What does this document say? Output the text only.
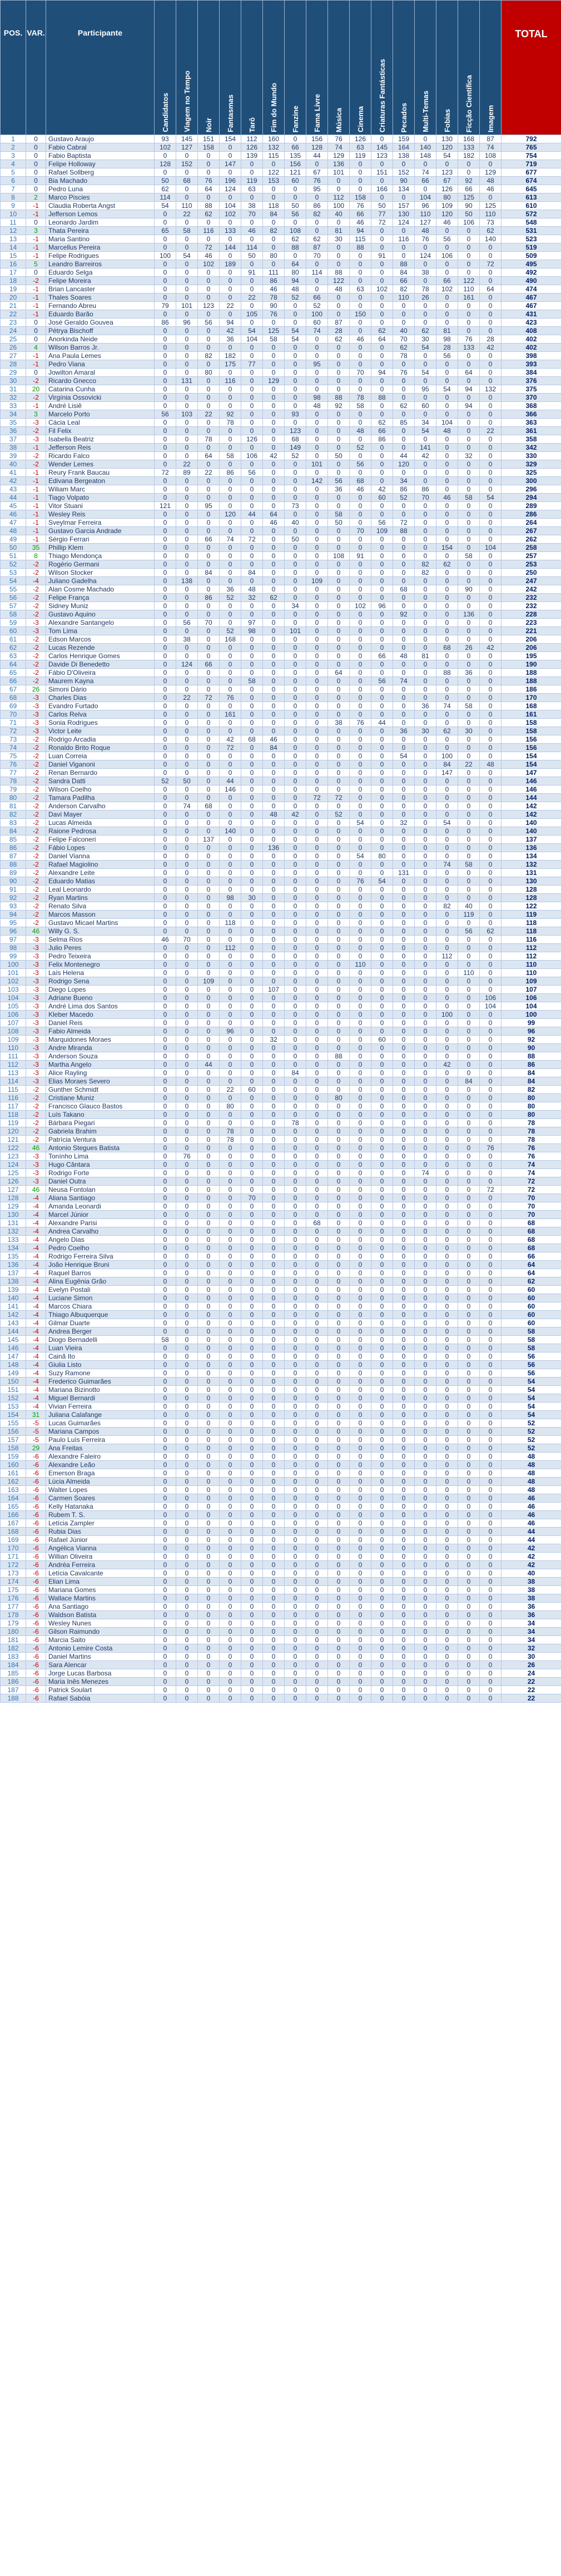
POS.	VAR.	Participante	Candidatos	Viagem no Tempo	Noir	Fantasmas	Tarô	Fim do Mundo	Fanzine	Fama Livre	Música	Cinema	Criaturas Fantásticas	Pecados	Multi-Temas	Fobias	Ficção Científica	Imagem	TOTAL
1	0	Gustavo Araujo	93	145	151	154	112	160	0	156	76	126	0	159	0	130	168	87	792
2	0	Fabio Cabral	102	127	158	0	126	132	66	128	74	63	145	164	140	120	133	74	765
3	0	Fabio Baptista	0	0	0	0	139	115	135	44	129	119	123	138	148	54	182	108	754
4	0	Felipe Holloway	128	152	0	147	0	0	156	0	136	0	0	0	0	0	0	0	719
5	0	Rafael Sollberg	0	0	0	0	0	122	121	67	101	0	151	152	74	123	0	129	677
6	0	Bia Machado	50	68	76	196	119	153	60	76	0	0	0	90	66	67	92	48	674
7	0	Pedro Luna	62	0	64	124	63	0	0	95	0	0	166	134	0	126	66	46	645
8	2	Marco Piscies	114	0	0	0	0	0	0	0	112	158	0	0	104	80	125	0	613
9	-1	Claudia Roberta Angst	54	110	88	104	38	118	50	86	100	76	50	157	96	109	90	125	610
10	-1	Jefferson Lemos	0	22	62	102	70	84	56	82	40	66	77	130	110	120	50	110	572
11	0	Leonardo Jardim	0	0	0	0	0	0	0	0	0	46	72	124	127	46	106	73	548
12	3	Thata Pereira	65	58	116	133	46	82	108	0	81	94	0	0	48	0	0	62	531
13	-1	Maria Santino	0	0	0	0	0	0	62	62	30	115	0	116	76	56	0	140	523
14	-1	Marcellus Pereira	0	0	72	144	114	0	88	87	0	88	0	0	0	0	0	0	519
15	-1	Felipe Rodrigues	100	54	46	0	50	80	0	70	0	0	91	0	124	106	0	0	509
16	5	Leandro Barreiros	0	0	102	189	0	0	64	0	0	0	0	88	0	0	0	72	495
17	0	Eduardo Selga	0	0	0	0	91	111	80	114	88	0	0	84	38	0	0	0	492
18	-2	Felipe Moreira	0	0	0	0	0	86	94	0	122	0	0	66	0	66	122	0	490
19	-1	Brian Lancaster	0	0	0	0	0	46	48	0	48	63	102	82	78	102	110	64	474
20	-1	Thales Soares	0	0	0	0	22	78	52	66	0	0	0	110	26	0	161	0	467
21	-1	Fernando Abreu	79	101	123	22	0	90	0	52	0	0	0	0	0	0	0	0	467
22	-1	Eduardo Barão	0	0	0	0	105	76	0	100	0	150	0	0	0	0	0	0	431
23	0	José Geraldo Gouvea	86	96	56	94	0	0	0	60	87	0	0	0	0	0	0	0	423
24	0	Pétrya Bischoff	0	0	0	42	54	125	54	74	28	0	62	40	62	81	0	0	408
25	0	Anorkinda Neide	0	0	0	36	104	58	54	0	62	46	64	70	30	98	76	28	402
26	4	Wilson Barros Jr.	0	0	0	0	0	0	0	0	0	0	0	62	54	28	133	42	402
27	-1	Ana Paula Lemes	0	0	82	182	0	0	0	0	0	0	0	78	0	56	0	0	398
28	-1	Pedro Viana	0	0	0	175	77	0	0	95	0	0	0	0	0	0	0	0	393
29	0	Jowilton Amaral	0	0	80	0	0	0	0	0	0	70	94	76	54	0	64	0	384
30	-2	Ricardo Gnecco	0	131	0	116	0	129	0	0	0	0	0	0	0	0	0	0	376
31	20	Catarina Cunha	0	0	0	0	0	0	0	0	0	0	0	0	95	54	94	132	375
32	-2	Virgínia Ossovicki	0	0	0	0	0	0	0	98	88	78	88	0	0	0	0	0	370
33	-1	André Lisiê	0	0	0	0	0	0	0	48	92	58	0	62	60	0	94	0	368
34	3	Marcelo Porto	56	103	22	92	0	0	93	0	0	0	0	0	0	0	0	0	366
35	-3	Cácia Leal	0	0	0	78	0	0	0	0	0	0	62	85	34	104	0	0	363
36	-2	Fil Felix	0	0	0	0	0	0	123	0	0	48	66	0	54	48	0	22	361
37	-3	Isabella Beatriz	0	0	78	0	126	0	68	0	0	0	86	0	0	0	0	0	358
38	-1	Jefferson Reis	0	0	0	0	0	0	149	0	0	52	0	0	141	0	0	0	342
39	-2	Ricardo Falco	0	0	64	58	106	42	52	0	50	0	0	44	42	0	32	0	330
40	-2	Wender Lemes	0	22	0	0	0	0	0	101	0	56	0	120	0	0	0	0	329
41	-1	Reury Frank Baucau	72	89	22	86	56	0	0	0	0	0	0	0	0	0	0	0	325
42	-1	Edivana Bergeaton	0	0	0	0	0	0	0	142	56	68	0	34	0	0	0	0	300
43	-1	Wiliam Marc	0	0	0	0	0	0	0	0	36	46	42	86	86	0	0	0	296
44	-1	Tiago Volpato	0	0	0	0	0	0	0	0	0	0	60	52	70	46	58	54	294
45	-1	Vitor Stuani	121	0	95	0	0	0	73	0	0	0	0	0	0	0	0	0	289
46	-1	Wesley Reis	0	0	0	120	44	64	0	0	58	0	0	0	0	0	0	0	286
47	-1	Sveylmar Ferreira	0	0	0	0	0	46	40	0	50	0	56	72	0	0	0	0	264
48	-1	Gustavo Garcia Andrade	0	0	0	0	0	0	0	0	0	70	109	88	0	0	0	0	267
49	-1	Sérgio Ferrari	0	0	66	74	72	0	50	0	0	0	0	0	0	0	0	0	262
50	35	Phillip Klem	0	0	0	0	0	0	0	0	0	0	0	0	0	154	0	104	258
51	8	Thiago Mendonça	0	0	0	0	0	0	0	0	108	91	0	0	0	0	58	0	257
52	-2	Rogério Germani	0	0	0	0	0	0	0	0	0	0	0	0	82	62	0	0	253
53	-2	Wilson Stocker	0	0	84	0	84	0	0	0	0	0	0	0	82	0	0	0	250
54	-4	Juliano Gadelha	0	138	0	0	0	0	0	109	0	0	0	0	0	0	0	0	247
55	-2	Alan Cosme Machado	0	0	0	36	48	0	0	0	0	0	0	68	0	0	90	0	242
56	-2	Felipe França	0	0	86	52	32	62	0	0	0	0	0	0	0	0	0	0	232
57	-2	Sidney Muniz	0	0	0	0	0	0	34	0	0	102	96	0	0	0	0	0	232
58	-2	Gustavo Aquino	0	0	0	0	0	0	0	0	0	0	0	92	0	0	136	0	228
59	-3	Alexandre Santangelo	0	56	70	0	97	0	0	0	0	0	0	0	0	0	0	0	223
60	-3	Tom Lima	0	0	0	52	98	0	101	0	0	0	0	0	0	0	0	0	221
61	-2	Edson Marcos	0	38	0	168	0	0	0	0	0	0	0	0	0	0	0	0	206
62	-2	Lucas Rezende	0	0	0	0	0	0	0	0	0	0	0	0	0	68	26	42	206
63	-2	Carlos Henrique Gomes	0	0	0	0	0	0	0	0	0	0	66	48	81	0	0	0	195
64	-2	Davide Di Benedetto	0	124	66	0	0	0	0	0	0	0	0	0	0	0	0	0	190
65	-2	Fábio D'Oliveira	0	0	0	0	0	0	0	0	64	0	0	0	0	88	36	0	188
66	-2	Maurem Kayna	0	0	0	0	58	0	0	0	0	0	56	74	0	0	0	0	188
67	26	Simoni Dário	0	0	0	0	0	0	0	0	0	0	0	0	0	0	0	0	186
68	-3	Charles Dias	0	22	72	76	0	0	0	0	0	0	0	0	0	0	0	0	170
69	-3	Evandro Furtado	0	0	0	0	0	0	0	0	0	0	0	0	36	74	58	0	168
70	-3	Carlos Relva	0	0	0	161	0	0	0	0	0	0	0	0	0	0	0	0	161
71	-3	Sonia Rodrigues	0	0	0	0	0	0	0	0	38	76	44	0	0	0	0	0	158
72	-3	Victor Leite	0	0	0	0	0	0	0	0	0	0	0	36	30	62	30	0	158
73	-2	Rodrigo Arcadia	0	0	0	42	68	46	0	0	0	0	0	0	0	0	0	0	156
74	-2	Ronaldo Brito Roque	0	0	0	72	0	84	0	0	0	0	0	0	0	0	0	0	156
75	-2	Luan Correia	0	0	0	0	0	0	0	0	0	0	0	54	0	100	0	0	154
76	-2	Daniel Viganoni	0	0	0	0	0	0	0	0	0	0	0	0	0	84	22	48	154
77	-2	Renan Bernardo	0	0	0	0	0	0	0	0	0	0	0	0	0	147	0	0	147
78	-2	Sandra Datti	52	50	0	44	0	0	0	0	0	0	0	0	0	0	0	0	146
79	-2	Wilson Coelho	0	0	0	146	0	0	0	0	0	0	0	0	0	0	0	0	146
80	-2	Tamara Padilha	0	0	0	0	0	0	0	72	72	0	0	0	0	0	0	0	144
81	-2	Anderson Carvalho	0	74	68	0	0	0	0	0	0	0	0	0	0	0	0	0	142
82	-2	Davi Mayer	0	0	0	0	0	48	42	0	52	0	0	0	0	0	0	0	142
83	-2	Lucas Almeida	0	0	0	0	0	0	0	0	0	54	0	32	0	54	0	0	140
84	-2	Raione Pedrosa	0	0	0	140	0	0	0	0	0	0	0	0	0	0	0	0	140
85	-2	Felipe Falconeri	0	0	137	0	0	0	0	0	0	0	0	0	0	0	0	0	137
86	-2	Fábio Lopes	0	0	0	0	0	136	0	0	0	0	0	0	0	0	0	0	136
87	-2	Daniel Vianna	0	0	0	0	0	0	0	0	0	54	80	0	0	0	0	0	134
88	-2	Rafael Magiolino	0	0	0	0	0	0	0	0	0	0	0	0	0	74	58	0	132
89	-2	Alexandre Leite	0	0	0	0	0	0	0	0	0	0	0	131	0	0	0	0	131
90	-2	Eduardo Matias	0	0	0	0	0	0	0	0	0	76	54	0	0	0	0	0	130
91	-2	Leal Leonardo	0	0	0	0	0	0	0	0	0	0	0	0	0	0	0	0	128
92	-2	Ryan Martins	0	0	0	98	30	0	0	0	0	0	0	0	0	0	0	0	128
93	-2	Renato Silva	0	0	0	0	0	0	0	0	0	0	0	0	0	82	40	0	122
94	-2	Marcos Masson	0	0	0	0	0	0	0	0	0	0	0	0	0	0	119	0	119
95	-2	Gustavo Micael Martins	0	0	0	118	0	0	0	0	0	0	0	0	0	0	0	0	118
96	46	Willy G. S.	0	0	0	0	0	0	0	0	0	0	0	0	0	0	56	62	118
97	-3	Selma Rios	46	70	0	0	0	0	0	0	0	0	0	0	0	0	0	0	116
98	-3	Julio Peres	0	0	0	112	0	0	0	0	0	0	0	0	0	0	0	0	112
99	-3	Pedro Teixeira	0	0	0	0	0	0	0	0	0	0	0	0	0	112	0	0	112
100	-3	Felix Montenegro	0	0	0	0	0	0	0	0	0	110	0	0	0	0	0	0	110
101	-3	Laís Helena	0	0	0	0	0	0	0	0	0	0	0	0	0	0	110	0	110
102	-3	Rodrigo Sena	0	0	109	0	0	0	0	0	0	0	0	0	0	0	0	0	109
103	-3	Diego Lopes	0	0	0	0	0	107	0	0	0	0	0	0	0	0	0	0	107
104	-3	Adriane Bueno	0	0	0	0	0	0	0	0	0	0	0	0	0	0	0	106	106
105	-3	André Lima dos Santos	0	0	0	0	0	0	0	0	0	0	0	0	0	0	0	104	104
106	-3	Kleber Macedo	0	0	0	0	0	0	0	0	0	0	0	0	0	100	0	0	100
107	-3	Daniel Reis	0	0	0	0	0	0	0	0	0	0	0	0	0	0	0	0	99
108	-3	Fabio Almeida	0	0	0	96	0	0	0	0	0	0	0	0	0	0	0	0	96
109	-3	Marquidones Moraes	0	0	0	0	0	32	0	0	0	0	60	0	0	0	0	0	92
110	-3	Andre Miranda	0	0	0	0	0	0	0	0	0	0	0	0	0	0	0	0	90
111	-3	Anderson Souza	0	0	0	0	0	0	0	0	88	0	0	0	0	0	0	0	88
112	-3	Martha Angelo	0	0	44	0	0	0	0	0	0	0	0	0	0	42	0	0	86
113	-3	Alice Rayling	0	0	0	0	0	0	84	0	0	0	0	0	0	0	0	0	84
114	-3	Elias Moraes Severo	0	0	0	0	0	0	0	0	0	0	0	0	0	0	84	0	84
115	-2	Gunther Schmidt	0	0	0	22	60	0	0	0	0	0	0	0	0	0	0	0	82
116	-2	Cristiane Muniz	0	0	0	0	0	0	0	0	80	0	0	0	0	0	0	0	80
117	-2	Francisco Glauco Bastos	0	0	0	80	0	0	0	0	0	0	0	0	0	0	0	0	80
118	-2	Luís Takano	0	0	0	0	0	0	0	0	0	0	0	0	0	0	0	0	80
119	-2	Bárbara Piegari	0	0	0	0	0	0	78	0	0	0	0	0	0	0	0	0	78
120	-2	Gabriela Brahim	0	0	0	78	0	0	0	0	0	0	0	0	0	0	0	0	78
121	-2	Patrícia Ventura	0	0	0	78	0	0	0	0	0	0	0	0	0	0	0	0	78
122	46	Antonio Stegues Batista	0	0	0	0	0	0	0	0	0	0	0	0	0	0	0	76	76
123	-3	Tonínho Lima	0	76	0	0	0	0	0	0	0	0	0	0	0	0	0	0	76
124	-3	Hugo Cântara	0	0	0	0	0	0	0	0	0	0	0	0	0	0	0	0	74
125	-3	Rodrigo Forte	0	0	0	0	0	0	0	0	0	0	0	0	74	0	0	0	74
126	-3	Daniel Outra	0	0	0	0	0	0	0	0	0	0	0	0	0	0	0	0	72
127	46	Neusa Fontolan	0	0	0	0	0	0	0	0	0	0	0	0	0	0	0	72	72
128	-4	Aliana Santiago	0	0	0	0	70	0	0	0	0	0	0	0	0	0	0	0	70
129	-4	Amanda Leonardi	0	0	0	0	0	0	0	0	0	0	0	0	0	0	0	0	70
130	-4	Marcel Júnior	0	0	0	0	0	0	0	0	0	0	0	0	0	0	0	0	70
131	-4	Alexandre Parisi	0	0	0	0	0	0	0	68	0	0	0	0	0	0	0	0	68
132	-4	Andrea Carvalho	0	0	0	0	0	0	0	0	0	0	0	0	0	0	0	0	68
133	-4	Angelo Dias	0	0	0	0	0	0	0	0	0	0	0	0	0	0	0	0	68
134	-4	Pedro Coelho	0	0	0	0	0	0	0	0	0	0	0	0	0	0	0	0	68
135	-4	Rodrigo Ferreira Silva	0	0	0	0	0	0	0	0	0	0	0	0	0	0	0	0	66
136	-4	João Henrique Bruni	0	0	0	0	0	0	0	0	0	0	0	0	0	0	0	0	64
137	-4	Raquel Barros	0	0	0	0	0	0	0	0	0	0	0	0	0	0	0	0	64
138	-4	Alina Eugênia Grão	0	0	0	0	0	0	0	0	0	0	0	0	0	0	0	0	62
139	-4	Evelyn Postali	0	0	0	0	0	0	0	0	0	0	0	0	0	0	0	0	60
140	-4	Luciane Simon	0	0	0	0	0	0	0	0	0	0	0	0	0	0	0	0	60
141	-4	Marcos Chiara	0	0	0	0	0	0	0	0	0	0	0	0	0	0	0	0	60
142	-4	Thiago Albuquerque	0	0	0	0	0	0	0	0	0	0	0	0	0	0	0	0	60
143	-4	Gilmar Duarte	0	0	0	0	0	0	0	0	0	0	0	0	0	0	0	0	60
144	-4	Andrea Berger	0	0	0	0	0	0	0	0	0	0	0	0	0	0	0	0	58
145	-4	Diogo Bernadelli	58	0	0	0	0	0	0	0	0	0	0	0	0	0	0	0	58
146	-4	Luan Vieira	0	0	0	0	0	0	0	0	0	0	0	0	0	0	0	0	58
147	-4	Cainã Ito	0	0	0	0	0	0	0	0	0	0	0	0	0	0	0	0	56
148	-4	Giulia Listo	0	0	0	0	0	0	0	0	0	0	0	0	0	0	0	0	56
149	-4	Suzy Ramone	0	0	0	0	0	0	0	0	0	0	0	0	0	0	0	0	56
150	-4	Frederico Guimarães	0	0	0	0	0	0	0	0	0	0	0	0	0	0	0	0	54
151	-4	Mariana Bizinotto	0	0	0	0	0	0	0	0	0	0	0	0	0	0	0	0	54
152	-4	Miguel Bernardi	0	0	0	0	0	0	0	0	0	0	0	0	0	0	0	0	54
153	-4	Vivian Ferreira	0	0	0	0	0	0	0	0	0	0	0	0	0	0	0	0	54
154	31	Juliana Calafange	0	0	0	0	0	0	0	0	0	0	0	0	0	0	0	0	54
155	-5	Lucas Guimarães	0	0	0	0	0	0	0	0	0	0	0	0	0	0	0	0	52
156	-5	Mariana Campos	0	0	0	0	0	0	0	0	0	0	0	0	0	0	0	0	52
157	-5	Paulo Luís Ferreira	0	0	0	0	0	0	0	0	0	0	0	0	0	0	0	0	52
158	29	Ana Freitas	0	0	0	0	0	0	0	0	0	0	0	0	0	0	0	0	52
159	-6	Alexandre Faleiro	0	0	0	0	0	0	0	0	0	0	0	0	0	0	0	0	48
160	-6	Alexandre Leão	0	0	0	0	0	0	0	0	0	0	0	0	0	0	0	0	48
161	-6	Emerson Braga	0	0	0	0	0	0	0	0	0	0	0	0	0	0	0	0	48
162	-6	Lúcia Almeida	0	0	0	0	0	0	0	0	0	0	0	0	0	0	0	0	48
163	-6	Walter Lopes	0	0	0	0	0	0	0	0	0	0	0	0	0	0	0	0	48
164	-6	Carmen Soares	0	0	0	0	0	0	0	0	0	0	0	0	0	0	0	0	46
165	-6	Kelly Hatanaka	0	0	0	0	0	0	0	0	0	0	0	0	0	0	0	0	46
166	-6	Rubem T. S.	0	0	0	0	0	0	0	0	0	0	0	0	0	0	0	0	46
167	-6	Letícia Zampler	0	0	0	0	0	0	0	0	0	0	0	0	0	0	0	0	46
168	-6	Rubia Dias	0	0	0	0	0	0	0	0	0	0	0	0	0	0	0	0	44
169	-6	Rafael Júnior	0	0	0	0	0	0	0	0	0	0	0	0	0	0	0	0	44
170	-6	Angélica Vianna	0	0	0	0	0	0	0	0	0	0	0	0	0	0	0	0	42
171	-6	Willian Oliveira	0	0	0	0	0	0	0	0	0	0	0	0	0	0	0	0	42
172	-6	Andréa Ferreira	0	0	0	0	0	0	0	0	0	0	0	0	0	0	0	0	42
173	-6	Letícia Cavalcante	0	0	0	0	0	0	0	0	0	0	0	0	0	0	0	0	40
174	-6	Elian Lima	0	0	0	0	0	0	0	0	0	0	0	0	0	0	0	0	38
175	-6	Mariana Gomes	0	0	0	0	0	0	0	0	0	0	0	0	0	0	0	0	38
176	-6	Wallace Martins	0	0	0	0	0	0	0	0	0	0	0	0	0	0	0	0	38
177	-6	Ana Santiago	0	0	0	0	0	0	0	0	0	0	0	0	0	0	0	0	36
178	-6	Waldson Batista	0	0	0	0	0	0	0	0	0	0	0	0	0	0	0	0	36
179	-6	Wesley Nunes	0	0	0	0	0	0	0	0	0	0	0	0	0	0	0	0	34
180	-6	Gilson Raimundo	0	0	0	0	0	0	0	0	0	0	0	0	0	0	0	0	34
181	-6	Marcia Saito	0	0	0	0	0	0	0	0	0	0	0	0	0	0	0	0	34
182	-6	Antonio Lemire Costa	0	0	0	0	0	0	0	0	0	0	0	0	0	0	0	0	32
183	-6	Daniel Martins	0	0	0	0	0	0	0	0	0	0	0	0	0	0	0	0	30
184	-6	Sara Alencar	0	0	0	0	0	0	0	0	0	0	0	0	0	0	0	0	26
185	-6	Jorge Lucas Barbosa	0	0	0	0	0	0	0	0	0	0	0	0	0	0	0	0	24
186	-6	Maria Inês Menezes	0	0	0	0	0	0	0	0	0	0	0	0	0	0	0	0	22
187	-6	Patrick Soulart	0	0	0	0	0	0	0	0	0	0	0	0	0	0	0	0	22
188	-6	Rafael Sabóia	0	0	0	0	0	0	0	0	0	0	0	0	0	0	0	0	22
